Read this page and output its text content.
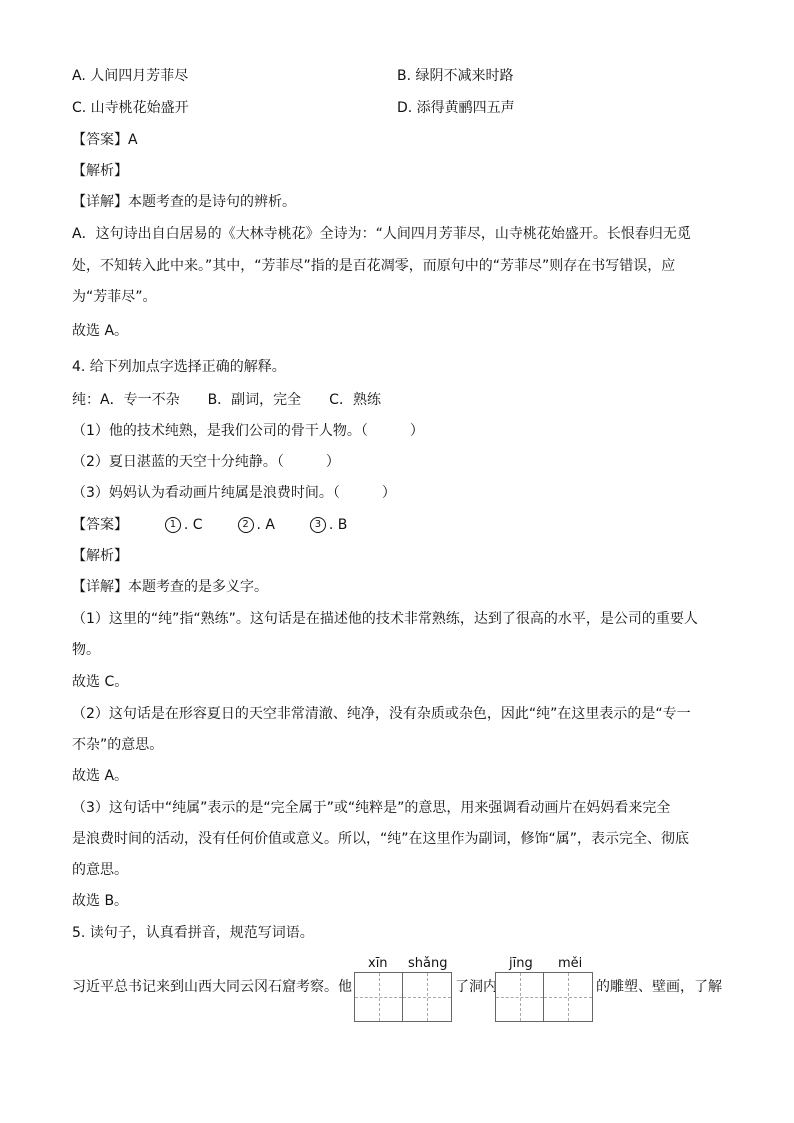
A. 人间四月芳菲尽	B. 绿阴不减来时路
C. 山寺桃花始盛开	D. 添得黄鹂四五声
【答案】A
【解析】
【详解】本题考查的是诗句的辨析。
A．这句诗出自白居易的《大林寺桃花》全诗为：“人间四月芳菲尽，山寺桃花始盛开。长恨春归无觅
处，不知转入此中来。”其中，“芳菲尽”指的是百花凋零，而原句中的“芳菲尽”则存在书写错误，应
为“芳菲尽”。
故选 A。
4. 给下列加点字选择正确的解释。
纯：A．专一不杂　　B．副词，完全　　C．熟练
（1）他的技术纯熟，是我们公司的骨干人物。（　　　）
（2）夏日湛蓝的天空十分纯静。（　　　）
（3）妈妈认为看动画片纯属是浪费时间。（　　　）
【答案】	1 . C	2 . A	3 . B
【解析】
【详解】本题考查的是多义字。
（1）这里的“纯”指“熟练”。这句话是在描述他的技术非常熟练，达到了很高的水平，是公司的重要人
物。
故选 C。
（2）这句话是在形容夏日的天空非常清澈、纯净，没有杂质或杂色，因此“纯”在这里表示的是“专一
不杂”的意思。
故选 A。
（3）这句话中“纯属”表示的是“完全属于”或“纯粹是”的意思，用来强调看动画片在妈妈看来完全
是浪费时间的活动，没有任何价值或意义。所以，“纯”在这里作为副词，修饰“属”，表示完全、彻底
的意思。
故选 B。
5. 读句子，认真看拼音，规范写词语。
xīn shǎng	jīng měi
习近平总书记来到山西大同云冈石窟考察。他	了洞内	的雕塑、壁画，了解
